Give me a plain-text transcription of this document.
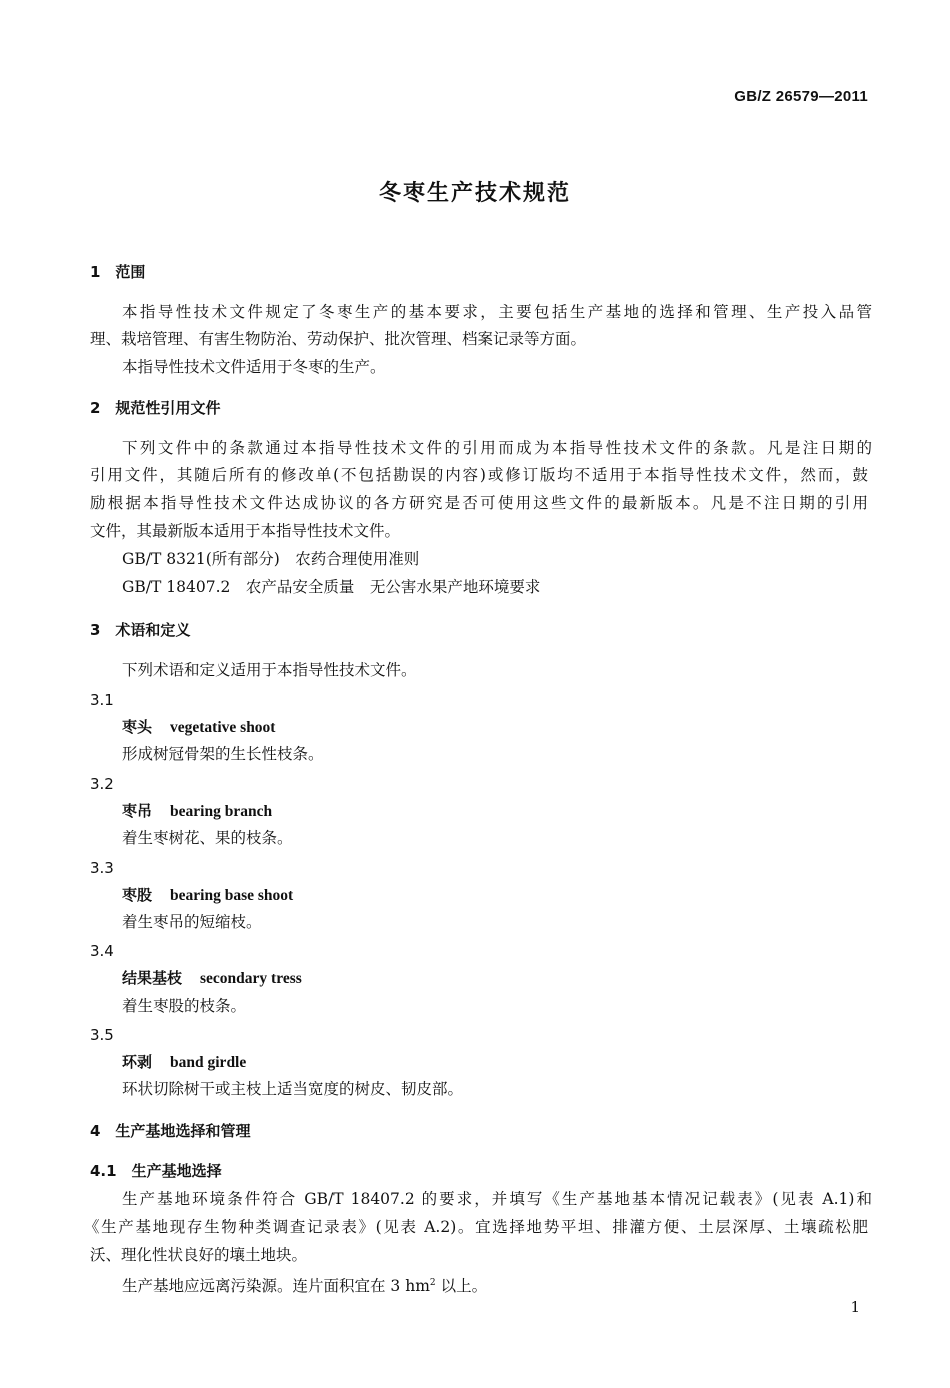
GB/Z 26579—2011
冬枣生产技术规范
1　范围
本指导性技术文件规定了冬枣生产的基本要求，主要包括生产基地的选择和管理、生产投入品管
理、栽培管理、有害生物防治、劳动保护、批次管理、档案记录等方面。
本指导性技术文件适用于冬枣的生产。
2　规范性引用文件
下列文件中的条款通过本指导性技术文件的引用而成为本指导性技术文件的条款。凡是注日期的
引用文件，其随后所有的修改单(不包括勘误的内容)或修订版均不适用于本指导性技术文件，然而，鼓
励根据本指导性技术文件达成协议的各方研究是否可使用这些文件的最新版本。凡是不注日期的引用
文件，其最新版本适用于本指导性技术文件。
GB/T 8321(所有部分)　农药合理使用准则
GB/T 18407.2　农产品安全质量　无公害水果产地环境要求
3　术语和定义
下列术语和定义适用于本指导性技术文件。
3.1
枣头 vegetative shoot
形成树冠骨架的生长性枝条。
3.2
枣吊 bearing branch
着生枣树花、果的枝条。
3.3
枣股 bearing base shoot
着生枣吊的短缩枝。
3.4
结果基枝 secondary tress
着生枣股的枝条。
3.5
环剥 band girdle
环状切除树干或主枝上适当宽度的树皮、韧皮部。
4　生产基地选择和管理
4.1　生产基地选择
生产基地环境条件符合 GB/T 18407.2 的要求，并填写《生产基地基本情况记载表》(见表 A.1)和
《生产基地现存生物种类调查记录表》(见表 A.2)。宜选择地势平坦、排灌方便、土层深厚、土壤疏松肥
沃、理化性状良好的壤土地块。
生产基地应远离污染源。连片面积宜在 3 $hm^2$ 以上。
1
